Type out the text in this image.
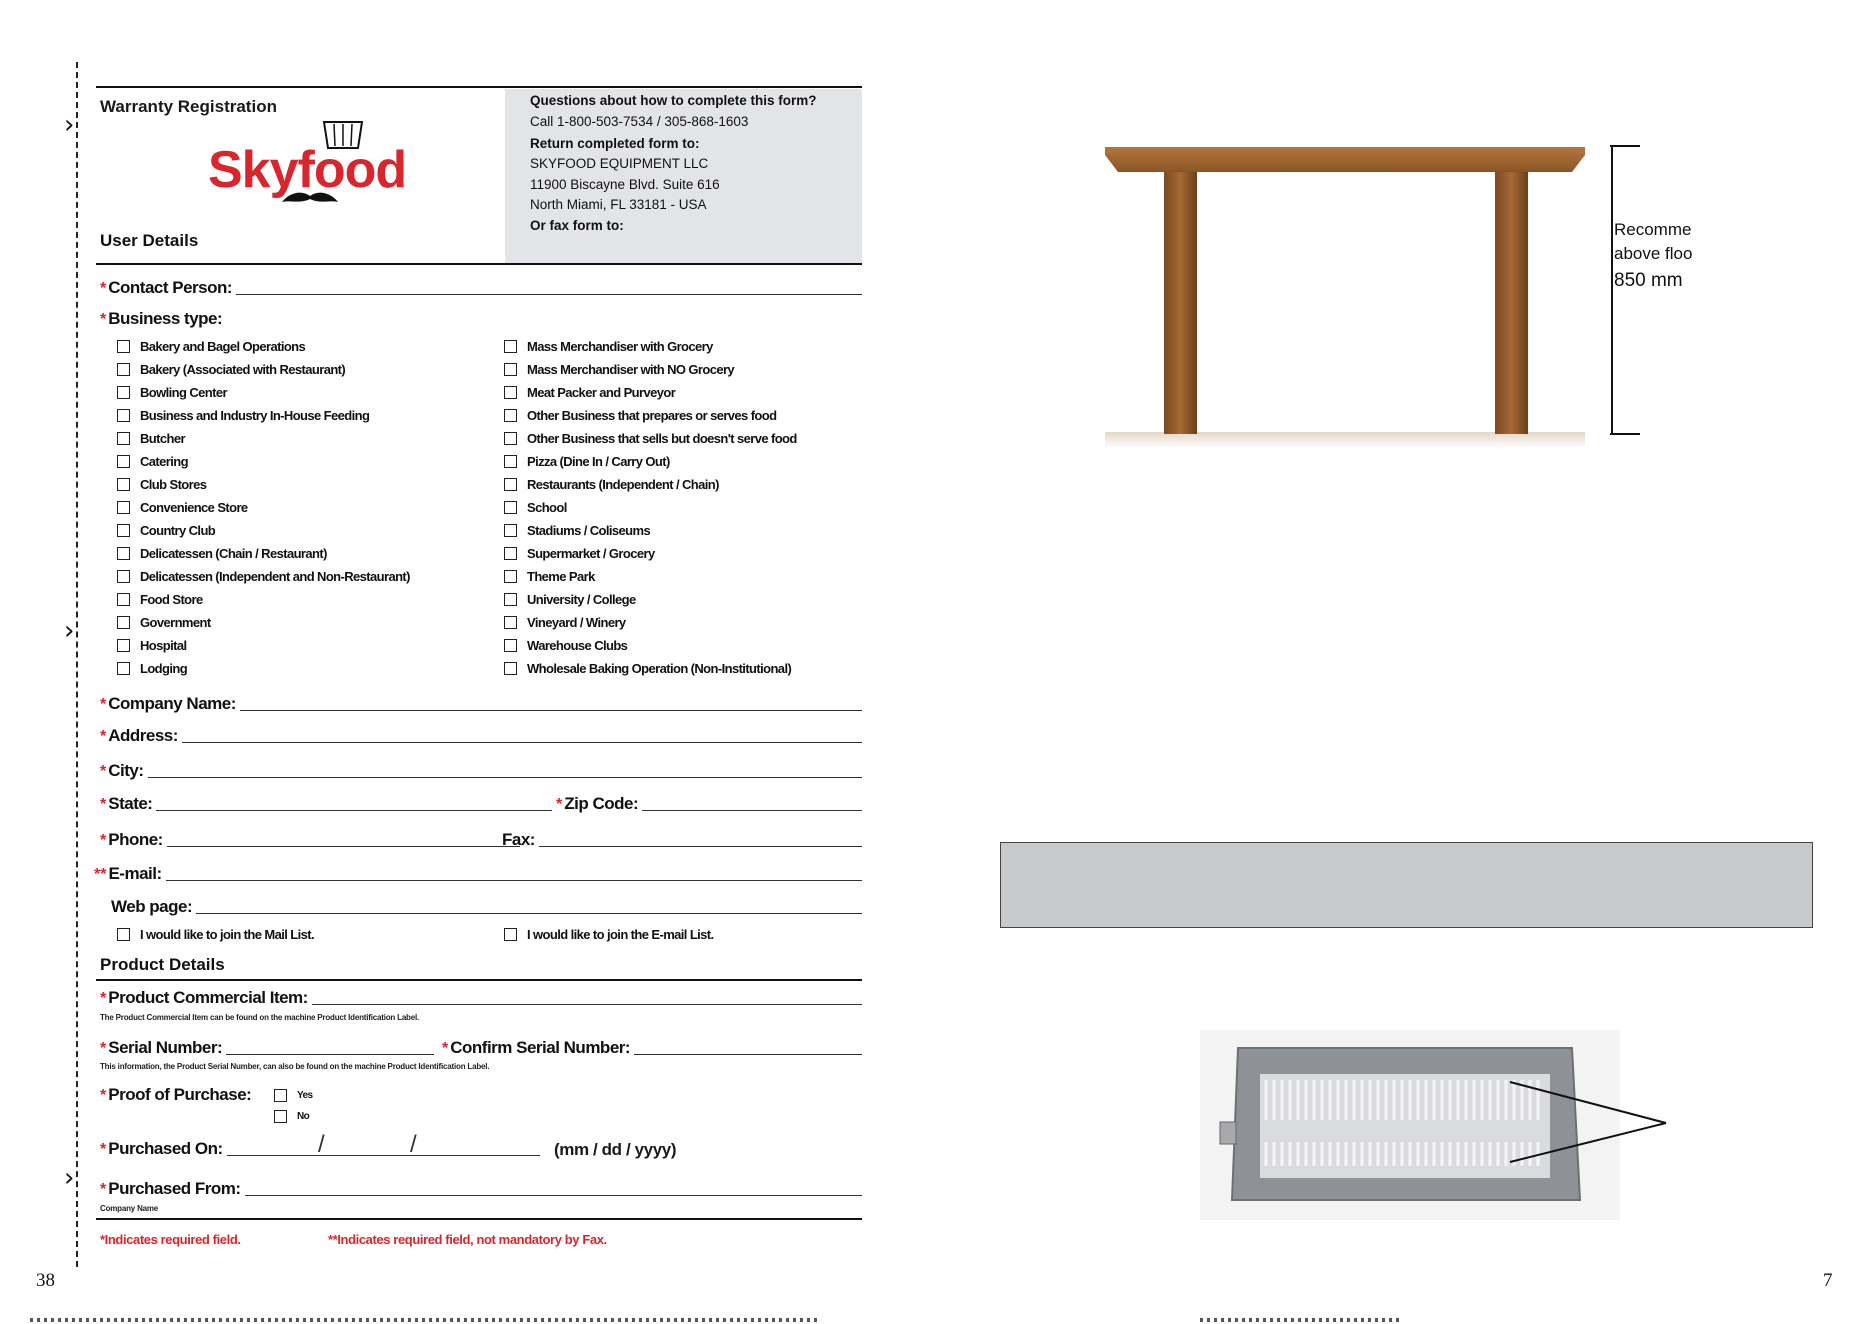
›
›
›
Warranty Registration
Skyfood
Questions about how to complete this form?
Call 1-800-503-7534 / 305-868-1603
Return completed form to:
SKYFOOD EQUIPMENT LLC
11900 Biscayne Blvd. Suite 616
North Miami, FL 33181 - USA
Or fax form to:
User Details
* Contact Person:
* Business type:
Bakery and Bagel Operations
Bakery (Associated with Restaurant)
Bowling Center
Business and Industry In-House Feeding
Butcher
Catering
Club Stores
Convenience Store
Country Club
Delicatessen (Chain / Restaurant)
Delicatessen (Independent and Non-Restaurant)
Food Store
Government
Hospital
Lodging
Mass Merchandiser with Grocery
Mass Merchandiser with NO Grocery
Meat Packer and Purveyor
Other Business that prepares or serves food
Other Business that sells but doesn't serve food
Pizza (Dine In / Carry Out)
Restaurants (Independent / Chain)
School
Stadiums / Coliseums
Supermarket / Grocery
Theme Park
University / College
Vineyard / Winery
Warehouse Clubs
Wholesale Baking Operation (Non-Institutional)
* Company Name:
* Address:
* City:
* State:	* Zip Code:
* Phone:	Fax:
** E-mail:
Web page:
I would like to join the Mail List.	I would like to join the E-mail List.
Product Details
* Product Commercial Item:
The Product Commercial Item can be found on the machine Product Identification Label.
* Serial Number:	* Confirm Serial Number:
This information, the Product Serial Number, can also be found on the machine Product Identification Label.
* Proof of Purchase:	Yes
No
* Purchased On:	/	/	(mm / dd / yyyy)
* Purchased From:
Company Name
*Indicates required field.	**Indicates required field, not mandatory by Fax.
38
Recomme
above floo
850 mm
7
